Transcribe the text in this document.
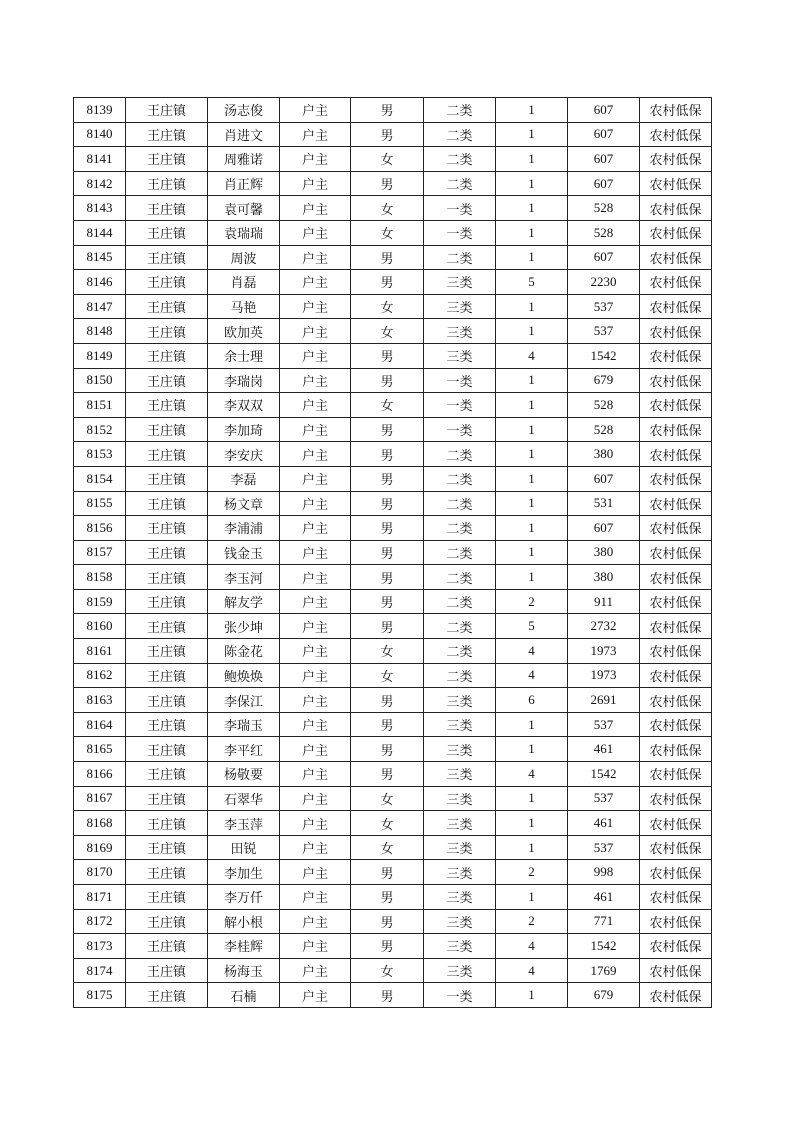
8139	王庄镇	汤志俊	户主	男	二类	1	607	农村低保
8140	王庄镇	肖进文	户主	男	二类	1	607	农村低保
8141	王庄镇	周雅诺	户主	女	二类	1	607	农村低保
8142	王庄镇	肖正辉	户主	男	二类	1	607	农村低保
8143	王庄镇	袁可馨	户主	女	一类	1	528	农村低保
8144	王庄镇	袁瑞瑞	户主	女	一类	1	528	农村低保
8145	王庄镇	周波	户主	男	二类	1	607	农村低保
8146	王庄镇	肖磊	户主	男	三类	5	2230	农村低保
8147	王庄镇	马艳	户主	女	三类	1	537	农村低保
8148	王庄镇	欧加英	户主	女	三类	1	537	农村低保
8149	王庄镇	余士理	户主	男	三类	4	1542	农村低保
8150	王庄镇	李瑞岗	户主	男	一类	1	679	农村低保
8151	王庄镇	李双双	户主	女	一类	1	528	农村低保
8152	王庄镇	李加琦	户主	男	一类	1	528	农村低保
8153	王庄镇	李安庆	户主	男	二类	1	380	农村低保
8154	王庄镇	李磊	户主	男	二类	1	607	农村低保
8155	王庄镇	杨文章	户主	男	二类	1	531	农村低保
8156	王庄镇	李浦浦	户主	男	二类	1	607	农村低保
8157	王庄镇	钱金玉	户主	男	二类	1	380	农村低保
8158	王庄镇	李玉河	户主	男	二类	1	380	农村低保
8159	王庄镇	解友学	户主	男	二类	2	911	农村低保
8160	王庄镇	张少坤	户主	男	二类	5	2732	农村低保
8161	王庄镇	陈金花	户主	女	二类	4	1973	农村低保
8162	王庄镇	鲍焕焕	户主	女	二类	4	1973	农村低保
8163	王庄镇	李保江	户主	男	三类	6	2691	农村低保
8164	王庄镇	李瑞玉	户主	男	三类	1	537	农村低保
8165	王庄镇	李平红	户主	男	三类	1	461	农村低保
8166	王庄镇	杨敬要	户主	男	三类	4	1542	农村低保
8167	王庄镇	石翠华	户主	女	三类	1	537	农村低保
8168	王庄镇	李玉萍	户主	女	三类	1	461	农村低保
8169	王庄镇	田锐	户主	女	三类	1	537	农村低保
8170	王庄镇	李加生	户主	男	三类	2	998	农村低保
8171	王庄镇	李万仟	户主	男	三类	1	461	农村低保
8172	王庄镇	解小根	户主	男	三类	2	771	农村低保
8173	王庄镇	李桂辉	户主	男	三类	4	1542	农村低保
8174	王庄镇	杨海玉	户主	女	三类	4	1769	农村低保
8175	王庄镇	石楠	户主	男	一类	1	679	农村低保
